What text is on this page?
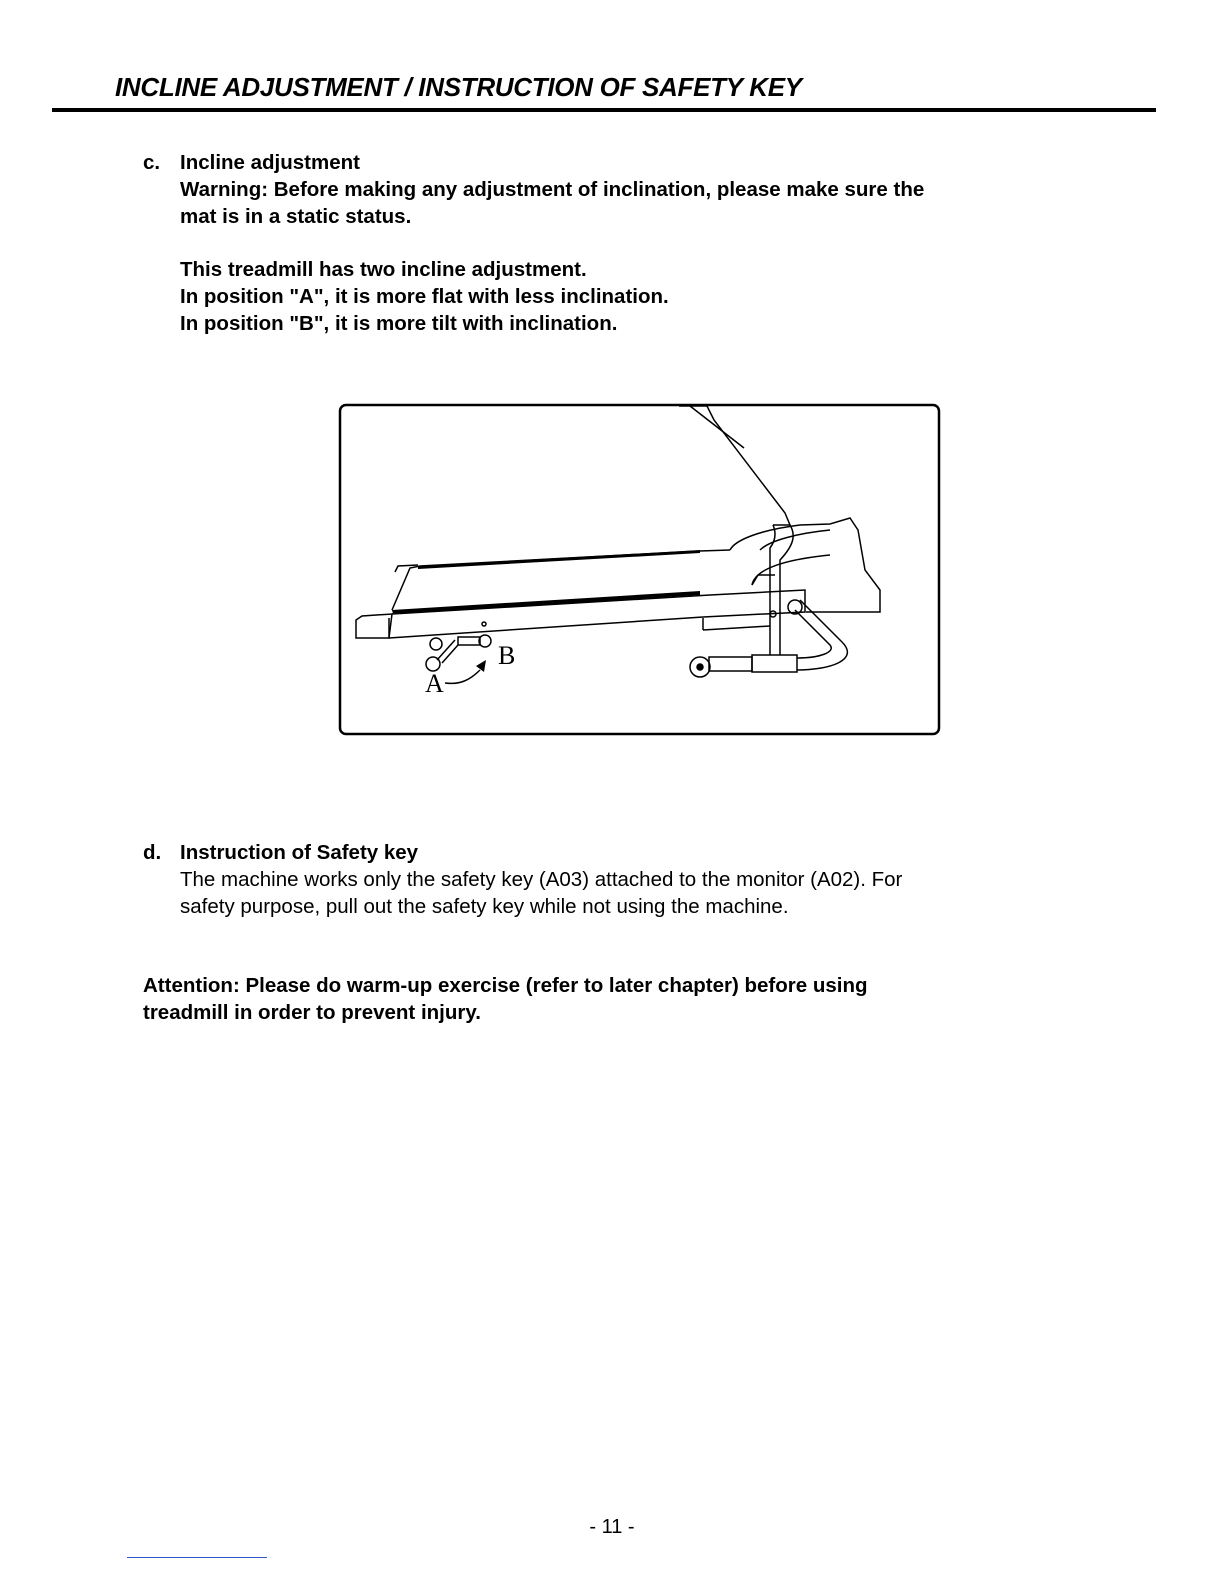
INCLINE ADJUSTMENT / INSTRUCTION OF SAFETY KEY
c. Incline adjustment
Warning: Before making any adjustment of inclination, please make sure the
mat is in a static status.
This treadmill has two incline adjustment.
In position "A", it is more flat with less inclination.
In position "B", it is more tilt with inclination.
A
B
d. Instruction of Safety key
The machine works only the safety key (A03) attached to the monitor (A02). For
safety purpose, pull out the safety key while not using the machine.
Attention: Please do warm-up exercise (refer to later chapter) before using
treadmill in order to prevent injury.
- 11 -
